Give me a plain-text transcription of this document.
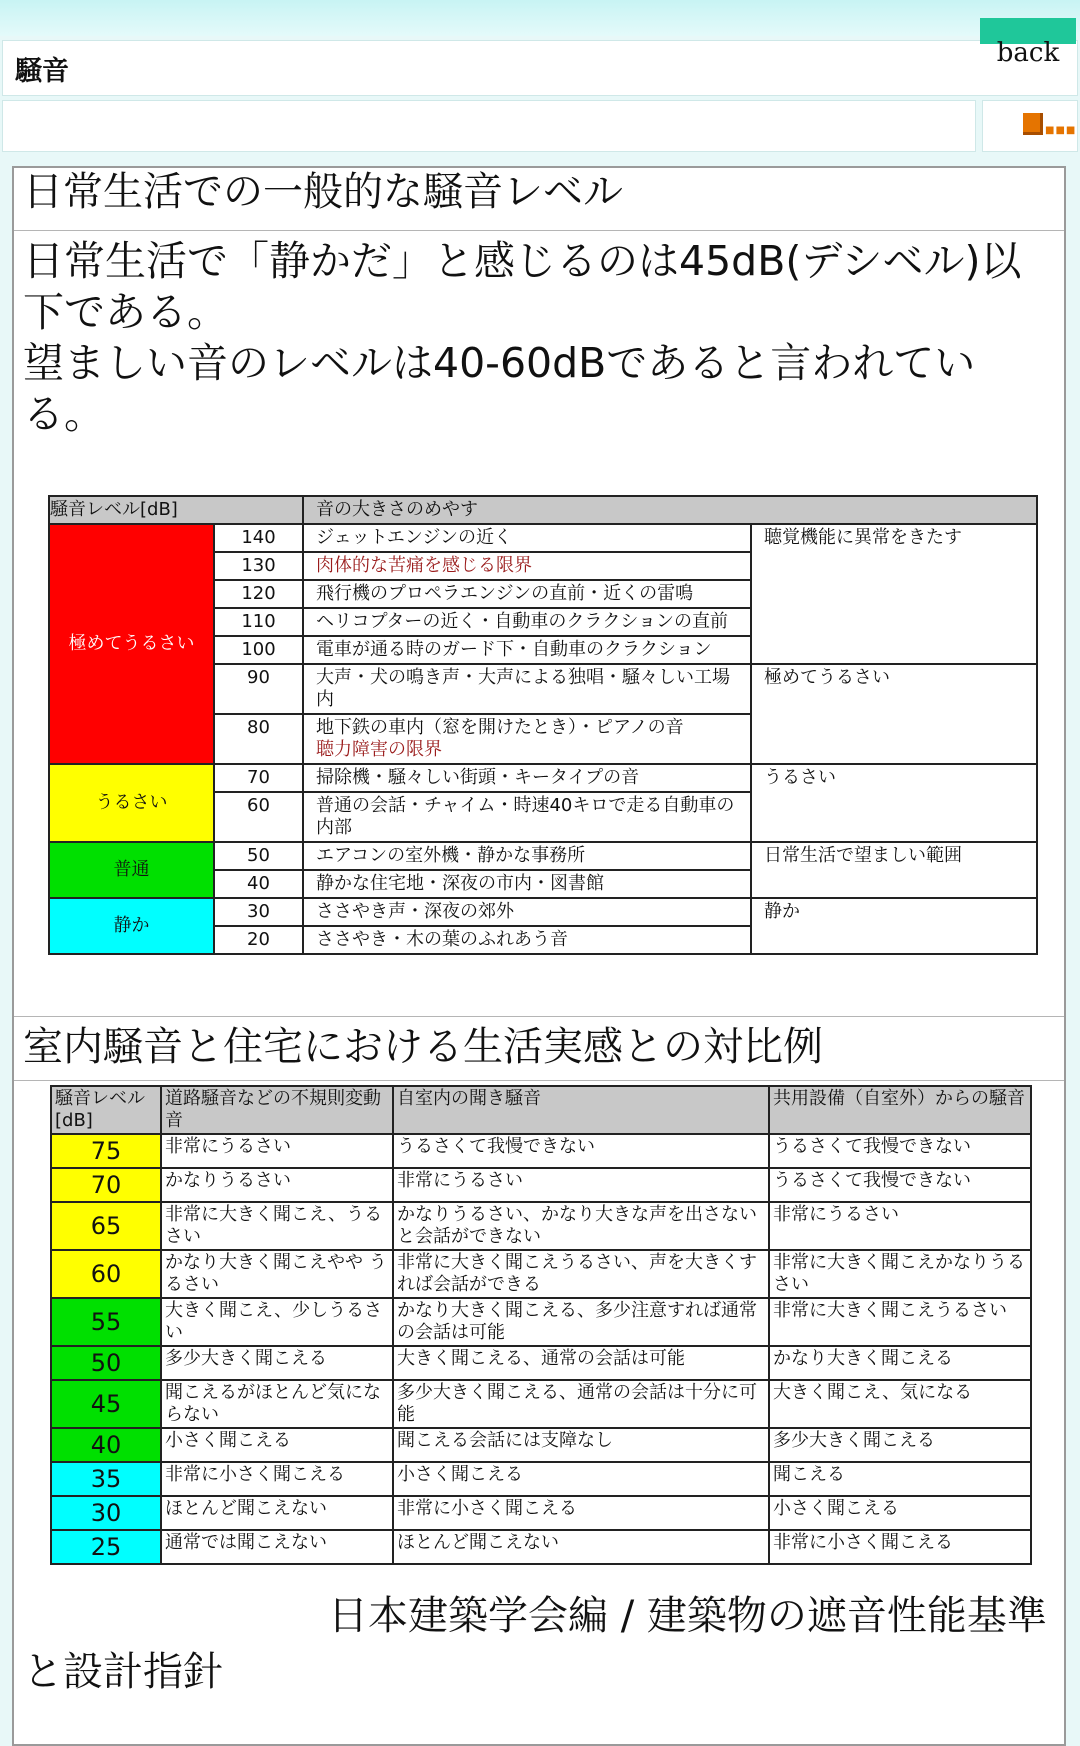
騒音
back
■■■
日常生活での一般的な騒音レベル
日常生活で「静かだ」と感じるのは45dB(デシベル)以下である。
望ましい音のレベルは40-60dBであると言われている。
騒音レベル[dB]		音の大きさのめやす	
極めてうるさい	140	ジェットエンジンの近く	聴覚機能に異常をきたす
	130	肉体的な苦痛を感じる限界	
	120	飛行機のプロペラエンジンの直前・近くの雷鳴	
	110	ヘリコプターの近く・自動車のクラクションの直前	
	100	電車が通る時のガード下・自動車のクラクション	
	90	大声・犬の鳴き声・大声による独唱・騒々しい工場内	極めてうるさい
	80	地下鉄の車内（窓を開けたとき）・ピアノの音
聴力障害の限界	

うるさい	70	掃除機・騒々しい街頭・キータイプの音	うるさい
	60	普通の会話・チャイム・時速40キロで走る自動車の内部	
普通	50	エアコンの室外機・静かな事務所	日常生活で望ましい範囲
	40	静かな住宅地・深夜の市内・図書館	
静か	30	ささやき声・深夜の郊外	静か
	20	ささやき・木の葉のふれあう音	
室内騒音と住宅における生活実感との対比例
騒音レベル[dB]	道路騒音などの不規則変動音	自室内の聞き騒音	共用設備（自室外）からの騒音
75	非常にうるさい	うるさくて我慢できない	うるさくて我慢できない
70	かなりうるさい	非常にうるさい	うるさくて我慢できない
65	非常に大きく聞こえ、うるさい	かなりうるさい、かなり大きな声を出さないと会話ができない	非常にうるさい
60	かなり大きく聞こえやや うるさい	非常に大きく聞こえうるさい、声を大きくすれば会話ができる	非常に大きく聞こえかなりうるさい
55	大きく聞こえ、少しうるさい	かなり大きく聞こえる、多少注意すれば通常の会話は可能	非常に大きく聞こえうるさい
50	多少大きく聞こえる	大きく聞こえる、通常の会話は可能	かなり大きく聞こえる
45	聞こえるがほとんど気にならない	多少大きく聞こえる、通常の会話は十分に可能	大きく聞こえ、気になる
40	小さく聞こえる	聞こえる会話には支障なし	多少大きく聞こえる
35	非常に小さく聞こえる	小さく聞こえる	聞こえる
30	ほとんど聞こえない	非常に小さく聞こえる	小さく聞こえる
25	通常では聞こえない	ほとんど聞こえない	非常に小さく聞こえる
日本建築学会編 / 建築物の遮音性能基準と設計指針
